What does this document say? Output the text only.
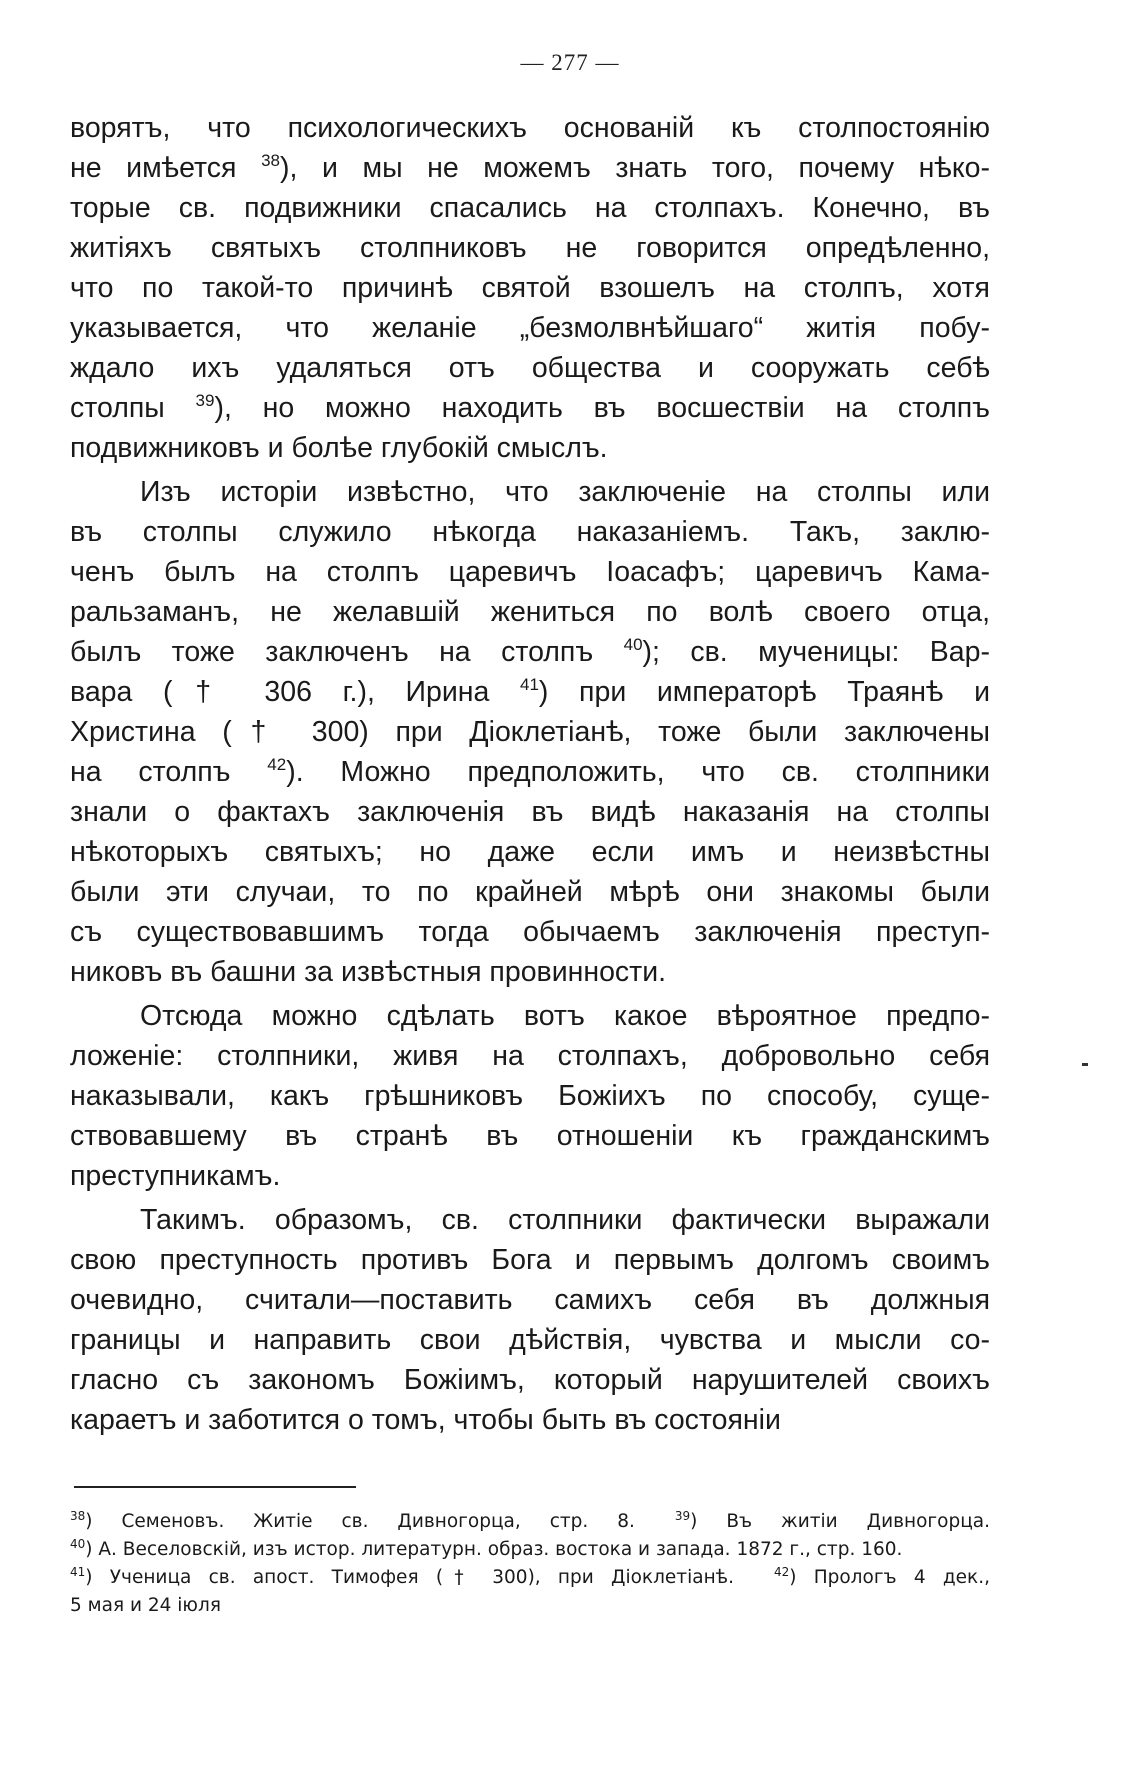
— 277 —
ворятъ, что психологическихъ основаній къ столпостоянію
не имѣется $^{38}$), и мы не можемъ знать того, почему нѣко-
торые св. подвижники спасались на столпахъ. Конечно, въ
житіяхъ святыхъ столпниковъ не говорится опредѣленно,
что по такой-то причинѣ святой взошелъ на столпъ, хотя
указывается, что желаніе „безмолвнѣйшаго“ житія побу-
ждало ихъ удаляться отъ общества и сооружать себѣ
столпы $^{39}$), но можно находить въ восшествіи на столпъ
подвижниковъ и болѣе глубокій смыслъ.
Изъ исторіи извѣстно, что заключеніе на столпы или
въ столпы служило нѣкогда наказаніемъ. Такъ, заклю-
ченъ былъ на столпъ царевичъ Іоасафъ; царевичъ Кама-
ральзаманъ, не желавшій жениться по волѣ своего отца,
былъ тоже заключенъ на столпъ $^{40}$); св. мученицы: Вар-
вара († 306 г.), Ирина $^{41}$) при императорѣ Траянѣ и
Христина († 300) при Діоклетіанѣ, тоже были заключены
на столпъ $^{42}$). Можно предположить, что св. столпники
знали о фактахъ заключенія въ видѣ наказанія на столпы
нѣкоторыхъ святыхъ; но даже если имъ и неизвѣстны
были эти случаи, то по крайней мѣрѣ они знакомы были
съ существовавшимъ тогда обычаемъ заключенія преступ-
никовъ въ башни за извѣстныя провинности.
Отсюда можно сдѣлать вотъ какое вѣроятное предпо-
ложеніе: столпники, живя на столпахъ, добровольно себя
наказывали, какъ грѣшниковъ Божіихъ по способу, суще-
ствовавшему въ странѣ въ отношеніи къ гражданскимъ
преступникамъ.
Такимъ. образомъ, св. столпники фактически выражали
свою преступность противъ Бога и первымъ долгомъ своимъ
очевидно, считали—поставить самихъ себя въ должныя
границы и направить свои дѣйствія, чувства и мысли со-
гласно съ закономъ Божіимъ, который нарушителей своихъ
караетъ и заботится о томъ, чтобы быть въ состояніи
$^{38}$) Семеновъ. Житіе св. Дивногорца, стр. 8.	$^{39}$) Въ житіи Дивногорца.
$^{40}$) А. Веселовскій, изъ истор. литературн. образ. востока и запада. 1872 г., стр. 160.
$^{41}$) Ученица св. апост. Тимофея († 300), при Діоклетіанѣ.	$^{42}$) Прологъ 4 дек.,
5 мая и 24 іюля
